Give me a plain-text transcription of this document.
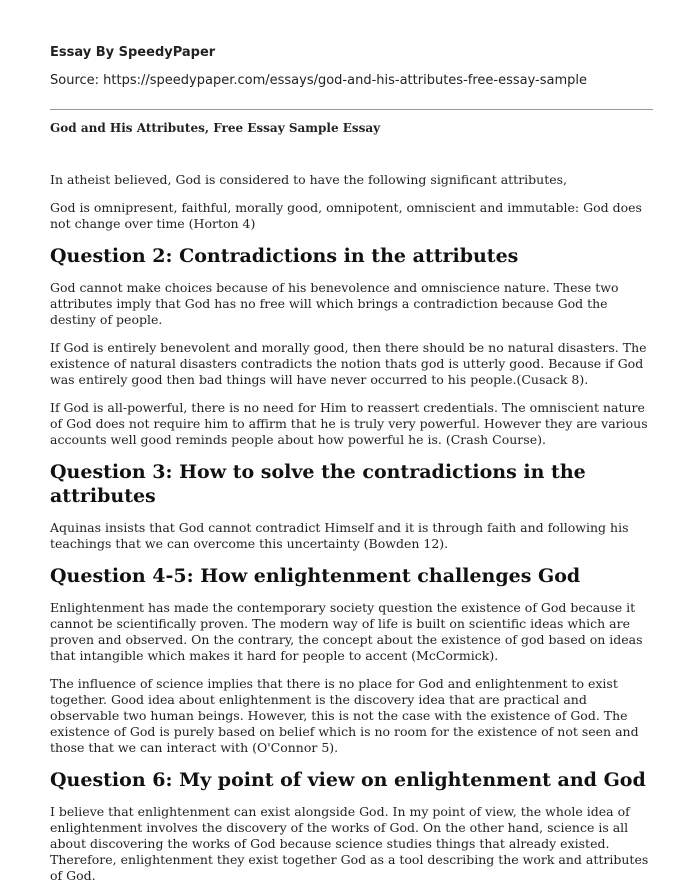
Essay By SpeedyPaper
Source: https://speedypaper.com/essays/god-and-his-attributes-free-essay-sample
God and His Attributes, Free Essay Sample Essay

In atheist believed, God is considered to have the following significant attributes,

God is omnipresent, faithful, morally good, omnipotent, omniscient and immutable: God does not change over time (Horton 4)

Question 2: Contradictions in the attributes

God cannot make choices because of his benevolence and omniscience nature. These two attributes imply that God has no free will which brings a contradiction because God the destiny of people.

If God is entirely benevolent and morally good, then there should be no natural disasters. The existence of natural disasters contradicts the notion thats god is utterly good. Because if God was entirely good then bad things will have never occurred to his people.(Cusack 8).

If God is all-powerful, there is no need for Him to reassert credentials. The omniscient nature of God does not require him to affirm that he is truly very powerful. However they are various accounts well good reminds people about how powerful he is. (Crash Course).

Question 3: How to solve the contradictions in the attributes

Aquinas insists that God cannot contradict Himself and it is through faith and following his teachings that we can overcome this uncertainty (Bowden 12).

Question 4-5: How enlightenment challenges God

Enlightenment has made the contemporary society question the existence of God because it cannot be scientifically proven. The modern way of life is built on scientific ideas which are proven and observed. On the contrary, the concept about the existence of god based on ideas that intangible which makes it hard for people to accent (McCormick).

The influence of science implies that there is no place for God and enlightenment to exist together. Good idea about enlightenment is the discovery idea that are practical and observable two human beings. However, this is not the case with the existence of God. The existence of God is purely based on belief which is no room for the existence of not seen and those that we can interact with (O'Connor 5).

Question 6: My point of view on enlightenment and God

I believe that enlightenment can exist alongside God. In my point of view, the whole idea of enlightenment involves the discovery of the works of God. On the other hand, science is all about discovering the works of God because science studies things that already existed. Therefore, enlightenment they exist together God as a tool describing the work and attributes of God.
